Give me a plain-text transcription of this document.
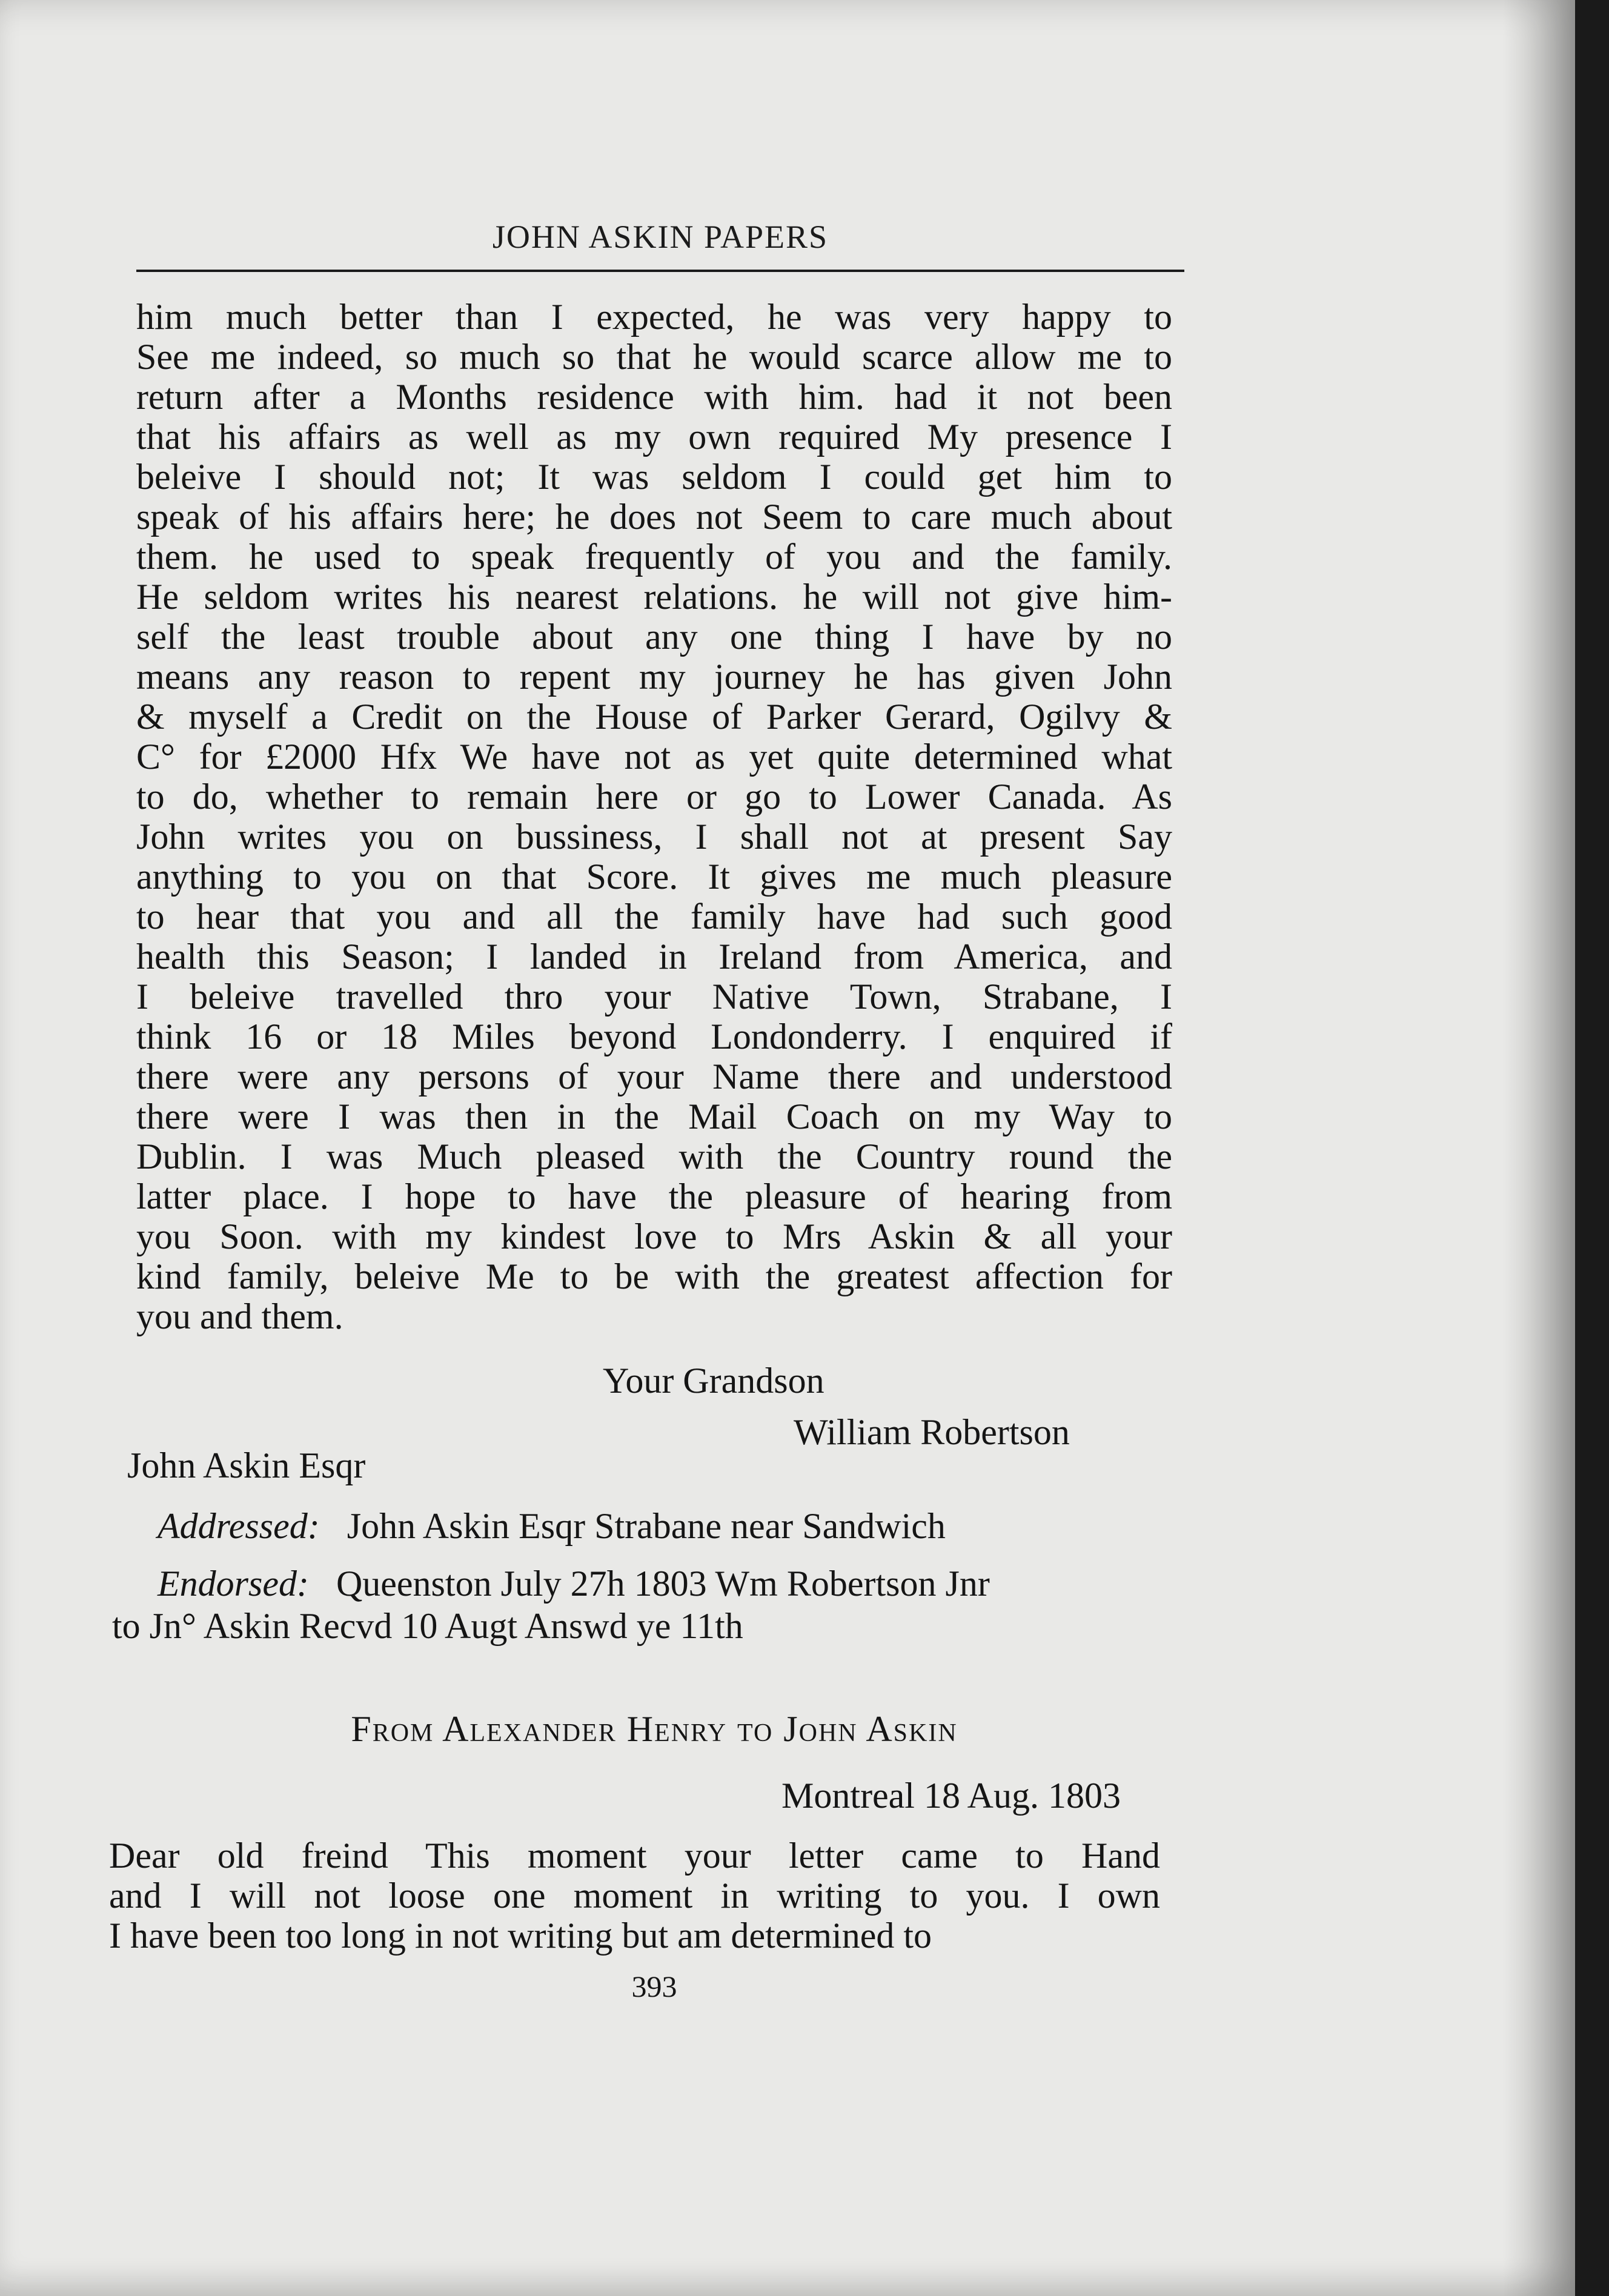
JOHN ASKIN PAPERS
him much better than I expected, he was very happy to
See me indeed, so much so that he would scarce allow me to
return after a Months residence with him. had it not been
that his affairs as well as my own required My presence I
beleive I should not; It was seldom I could get him to
speak of his affairs here; he does not Seem to care much about
them. he used to speak frequently of you and the family.
He seldom writes his nearest relations. he will not give him-
self the least trouble about any one thing I have by no
means any reason to repent my journey he has given John
& myself a Credit on the House of Parker Gerard, Ogilvy &
C° for £2000 Hfx We have not as yet quite determined what
to do, whether to remain here or go to Lower Canada. As
John writes you on bussiness, I shall not at present Say
anything to you on that Score. It gives me much pleasure
to hear that you and all the family have had such good
health this Season; I landed in Ireland from America, and
I beleive travelled thro your Native Town, Strabane, I
think 16 or 18 Miles beyond Londonderry. I enquired if
there were any persons of your Name there and understood
there were I was then in the Mail Coach on my Way to
Dublin. I was Much pleased with the Country round the
latter place. I hope to have the pleasure of hearing from
you Soon. with my kindest love to Mrs Askin & all your
kind family, beleive Me to be with the greatest affection for
you and them.
Your Grandson
William Robertson
John Askin Esqr
Addressed: John Askin Esqr Strabane near Sandwich
Endorsed: Queenston July 27h 1803 Wm Robertson Jnr
to Jn° Askin Recvd 10 Augt Answd ye 11th
From Alexander Henry to John Askin
Montreal 18 Aug. 1803
Dear old freind This moment your letter came to Hand
and I will not loose one moment in writing to you. I own
I have been too long in not writing but am determined to
393
